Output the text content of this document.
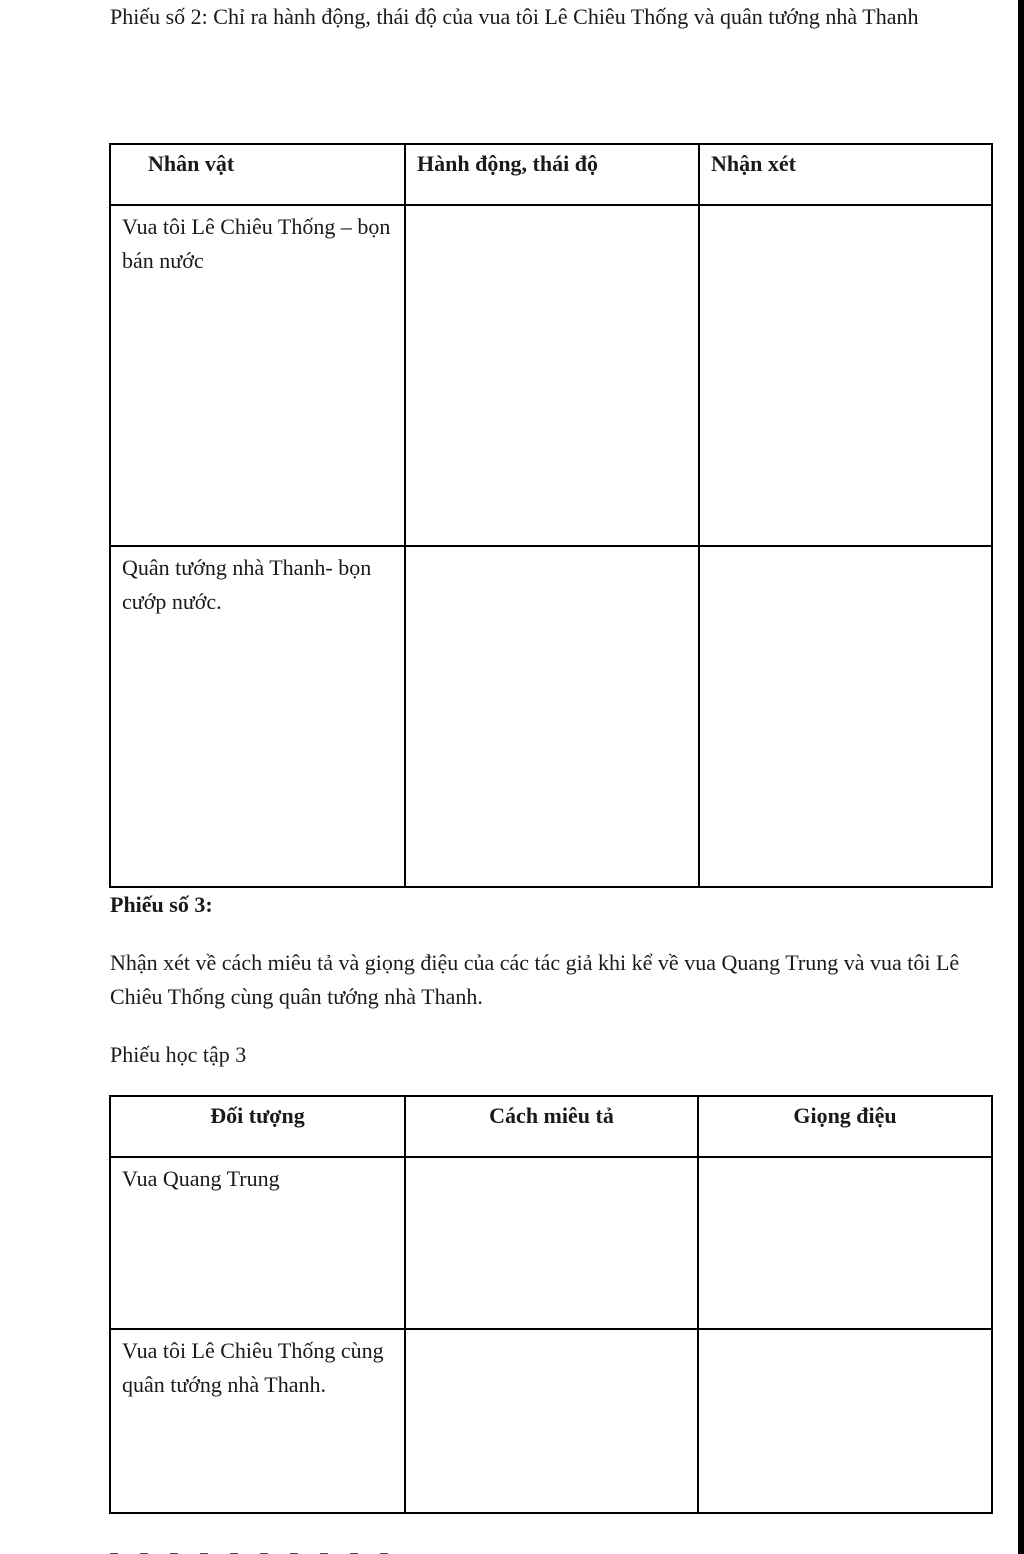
Phiếu số 2: Chỉ ra hành động, thái độ của vua tôi Lê Chiêu Thống và quân tướng nhà Thanh

Nhân vật	Hành động, thái độ	Nhận xét
Vua tôi Lê Chiêu Thống – bọn bán nước		
Quân tướng nhà Thanh- bọn cướp nước.		

Phiếu số 3:

Nhận xét về cách miêu tả và giọng điệu của các tác giả khi kể về vua Quang Trung và vua tôi Lê Chiêu Thống cùng quân tướng nhà Thanh.

Phiếu học tập 3

Đối tượng	Cách miêu tả	Giọng điệu
Vua Quang Trung		
Vua tôi Lê Chiêu Thống cùng quân tướng nhà Thanh.		
